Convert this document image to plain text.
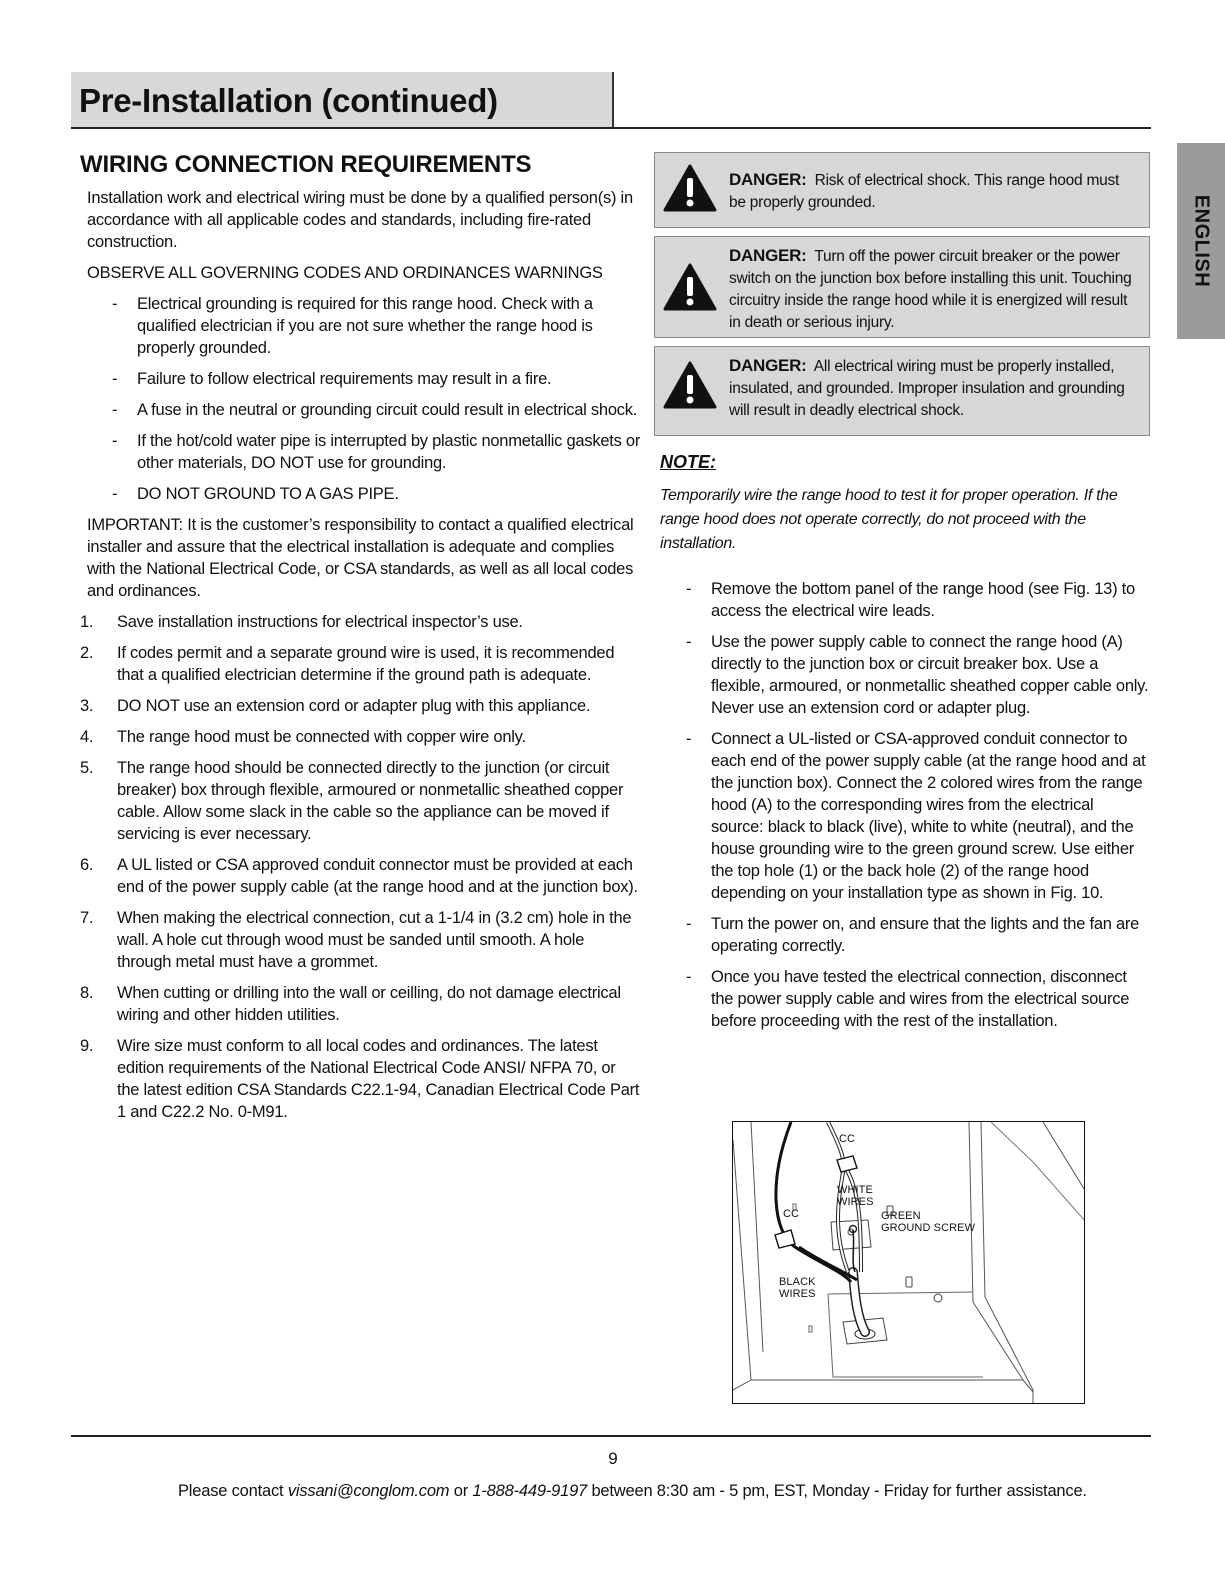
Pre-Installation (continued)
ENGLISH
WIRING CONNECTION REQUIREMENTS

Installation work and electrical wiring must be done by a qualified person(s) in accordance with all applicable codes and standards, including fire-rated construction.

OBSERVE ALL GOVERNING CODES AND ORDINANCES WARNINGS

- Electrical grounding is required for this range hood. Check with a qualified electrician if you are not sure whether the range hood is properly grounded.
- Failure to follow electrical requirements may result in a fire.
- A fuse in the neutral or grounding circuit could result in electrical shock.
- If the hot/cold water pipe is interrupted by plastic nonmetallic gaskets or other materials, DO NOT use for grounding.
- DO NOT GROUND TO A GAS PIPE.

IMPORTANT: It is the customer’s responsibility to contact a qualified electrical installer and assure that the electrical installation is adequate and complies with the National Electrical Code, or CSA standards, as well as all local codes and ordinances.

1. Save installation instructions for electrical inspector’s use.
2. If codes permit and a separate ground wire is used, it is recommended that a qualified electrician determine if the ground path is adequate.
3. DO NOT use an extension cord or adapter plug with this appliance.
4. The range hood must be connected with copper wire only.
5. The range hood should be connected directly to the junction (or circuit breaker) box through flexible, armoured or nonmetallic sheathed copper cable. Allow some slack in the cable so the appliance can be moved if servicing is ever necessary.
6. A UL listed or CSA approved conduit connector must be provided at each end of the power supply cable (at the range hood and at the junction box).
7. When making the electrical connection, cut a 1-1/4 in (3.2 cm) hole in the wall. A hole cut through wood must be sanded until smooth. A hole through metal must have a grommet.
8. When cutting or drilling into the wall or ceilling, do not damage electrical wiring and other hidden utilities.
9. Wire size must conform to all local codes and ordinances. The latest edition requirements of the National Electrical Code ANSI/ NFPA 70, or the latest edition CSA Standards C22.1-94, Canadian Electrical Code Part 1 and C22.2 No. 0-M91.
DANGER: Risk of electrical shock. This range hood must be properly grounded.
DANGER: Turn off the power circuit breaker or the power switch on the junction box before installing this unit. Touching circuitry inside the range hood while it is energized will result in death or serious injury.
DANGER: All electrical wiring must be properly installed, insulated, and grounded. Improper insulation and grounding will result in deadly electrical shock.

NOTE:

Temporarily wire the range hood to test it for proper operation. If the range hood does not operate correctly, do not proceed with the installation.

- Remove the bottom panel of the range hood (see Fig. 13) to access the electrical wire leads.
- Use the power supply cable to connect the range hood (A) directly to the junction box or circuit breaker box. Use a flexible, armoured, or nonmetallic sheathed copper cable only. Never use an extension cord or adapter plug.
- Connect a UL-listed or CSA-approved conduit connector to each end of the power supply cable (at the range hood and at the junction box). Connect the 2 colored wires from the range hood (A) to the corresponding wires from the electrical source: black to black (live), white to white (neutral), and the house grounding wire to the green ground screw. Use either the top hole (1) or the back hole (2) of the range hood depending on your installation type as shown in Fig. 10.
- Turn the power on, and ensure that the lights and the fan are operating correctly.
- Once you have tested the electrical connection, disconnect the power supply cable and wires from the electrical source before proceeding with the rest of the installation.
CC
WHITE
WIRES
CC	GREEN
GROUND SCREW
BLACK
WIRES
9
Please contact vissani@conglom.com or 1-888-449-9197 between 8:30 am - 5 pm, EST, Monday - Friday for further assistance.
